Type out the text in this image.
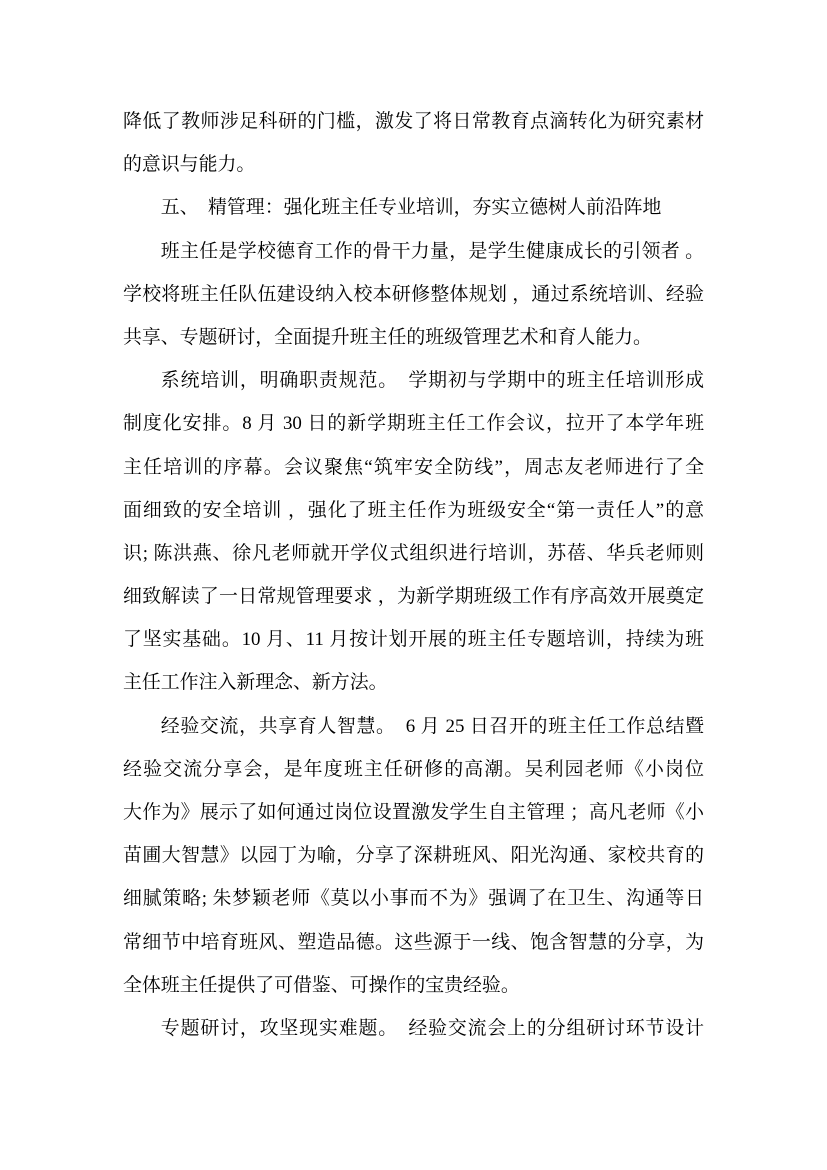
降低了教师涉足科研的门槛，激发了将日常教育点滴转化为研究素材
的意识与能力。
五、　精管理：强化班主任专业培训，夯实立德树人前沿阵地
班主任是学校德育工作的骨干力量，是学生健康成长的引领者 。
学校将班主任队伍建设纳入校本研修整体规划 ，通过系统培训、经验
共享、专题研讨，全面提升班主任的班级管理艺术和育人能力。
系统培训，明确职责规范。　学期初与学期中的班主任培训形成
制度化安排。8 月 30 日的新学期班主任工作会议，拉开了本学年班
主任培训的序幕。会议聚焦“筑牢安全防线”，周志友老师进行了全
面细致的安全培训 ，强化了班主任作为班级安全“第一责任人”的意
识; 陈洪燕、徐凡老师就开学仪式组织进行培训，苏蓓、华兵老师则
细致解读了一日常规管理要求 ，为新学期班级工作有序高效开展奠定
了坚实基础。10 月、11 月按计划开展的班主任专题培训，持续为班
主任工作注入新理念、新方法。
经验交流，共享育人智慧。　6 月 25 日召开的班主任工作总结暨
经验交流分享会，是年度班主任研修的高潮。吴利园老师《小岗位
大作为》展示了如何通过岗位设置激发学生自主管理 ；高凡老师《小
苗圃大智慧》以园丁为喻，分享了深耕班风、阳光沟通、家校共育的
细腻策略; 朱梦颖老师《莫以小事而不为》强调了在卫生、沟通等日
常细节中培育班风、塑造品德。这些源于一线、饱含智慧的分享，为
全体班主任提供了可借鉴、可操作的宝贵经验。
专题研讨，攻坚现实难题。　经验交流会上的分组研讨环节设计
